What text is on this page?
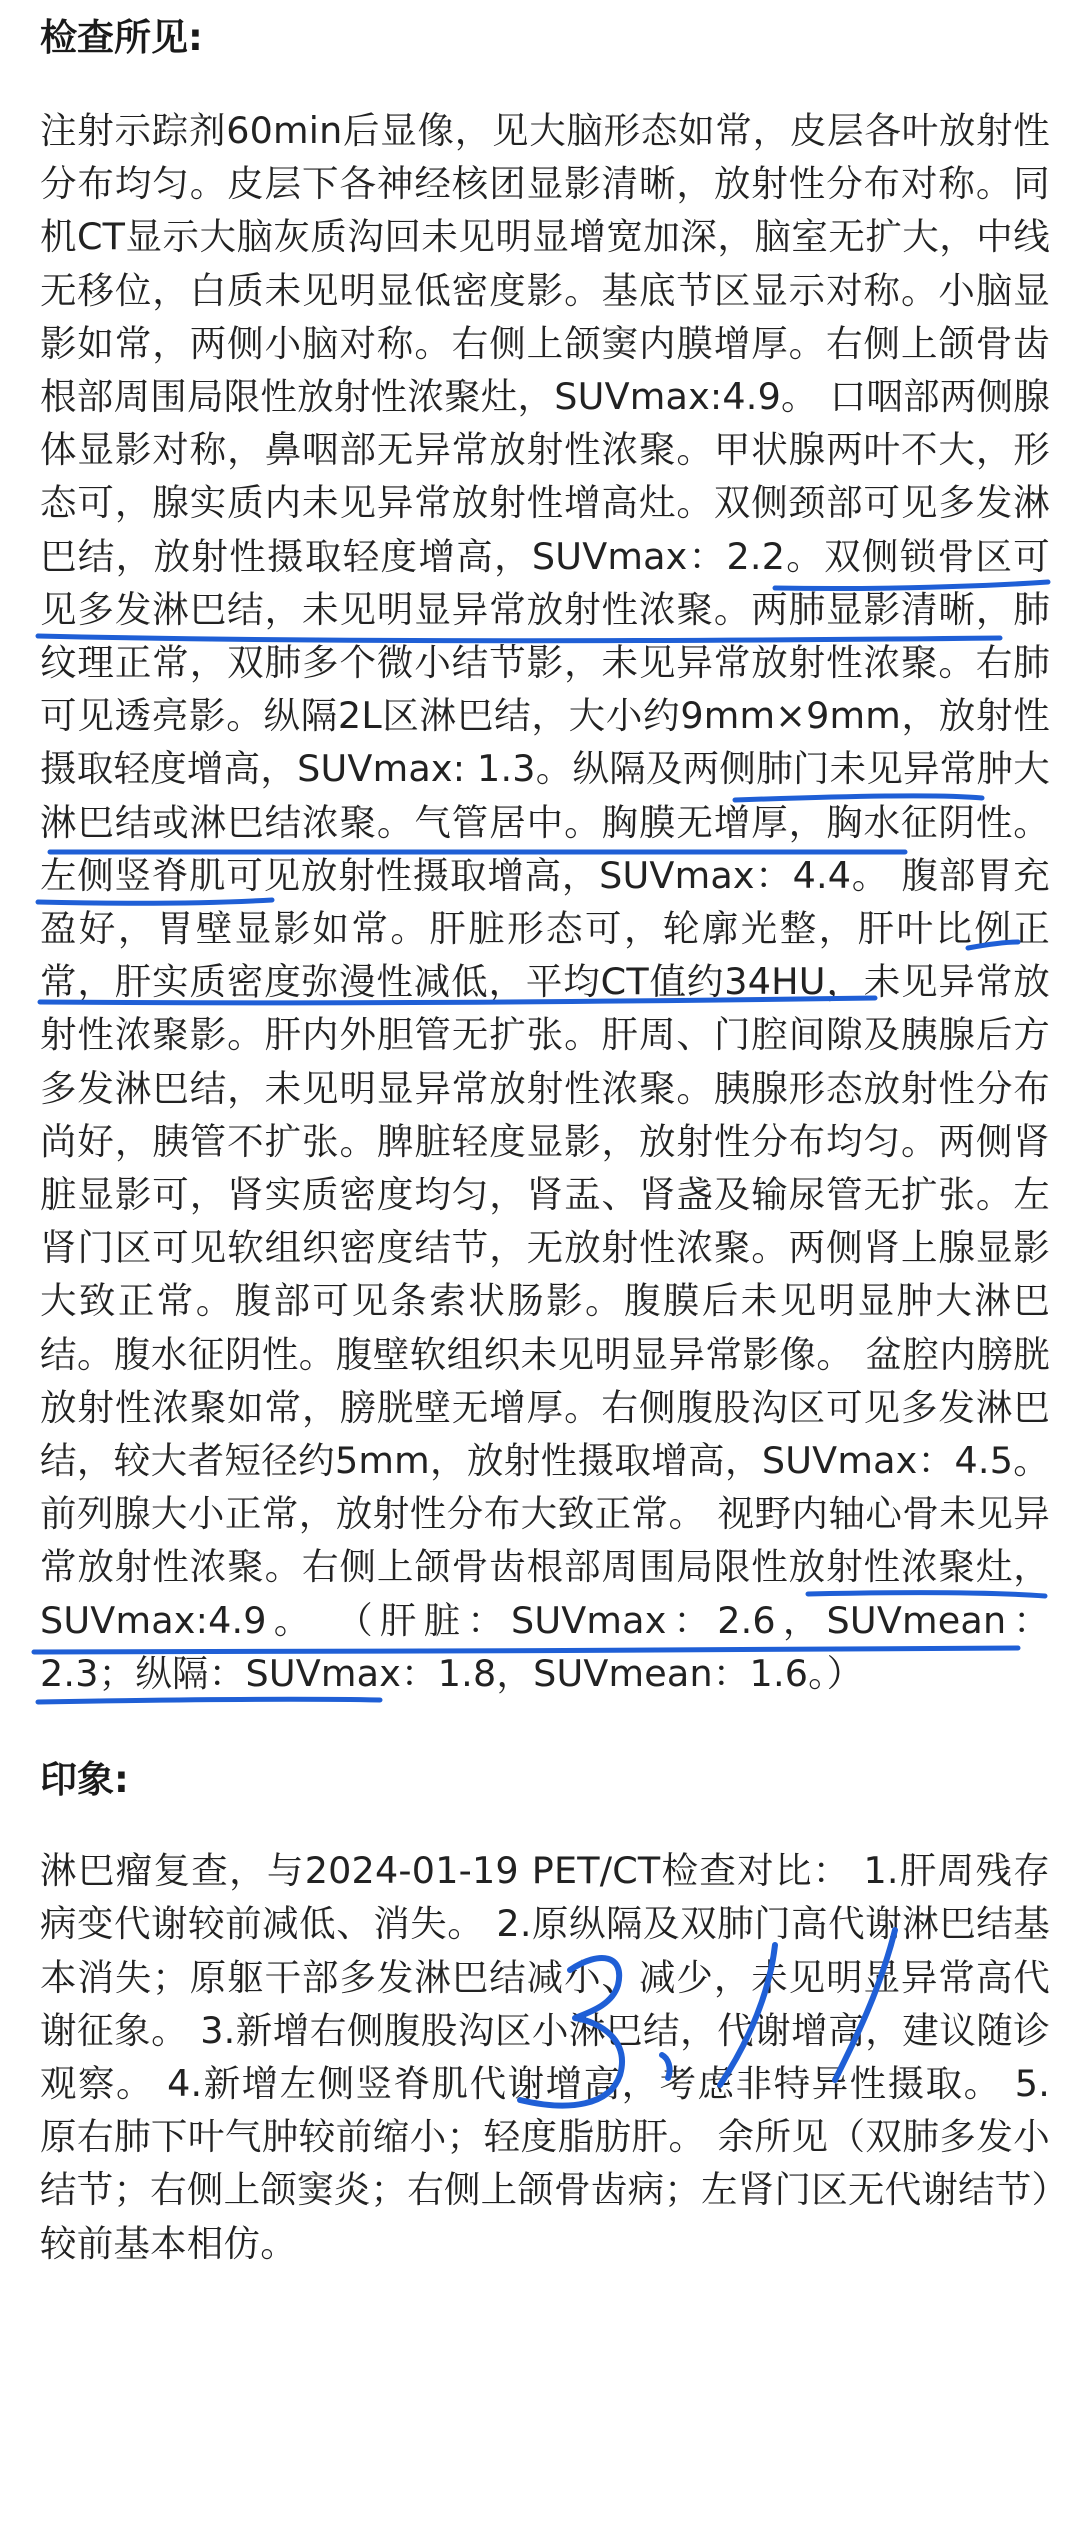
检查所见:

注射示踪剂60min后显像，见大脑形态如常，皮层各叶放射性分布均匀。皮层下各神经核团显影清晰，放射性分布对称。同机CT显示大脑灰质沟回未见明显增宽加深，脑室无扩大，中线无移位，白质未见明显低密度影。基底节区显示对称。小脑显影如常，两侧小脑对称。右侧上颌窦内膜增厚。右侧上颌骨齿根部周围局限性放射性浓聚灶，SUVmax:4.9。 口咽部两侧腺体显影对称，鼻咽部无异常放射性浓聚。甲状腺两叶不大，形态可，腺实质内未见异常放射性增高灶。双侧颈部可见多发淋巴结，放射性摄取轻度增高，SUVmax：2.2。双侧锁骨区可见多发淋巴结，未见明显异常放射性浓聚。两肺显影清晰，肺纹理正常，双肺多个微小结节影，未见异常放射性浓聚。右肺可见透亮影。纵隔2L区淋巴结，大小约9mm×9mm，放射性摄取轻度增高，SUVmax: 1.3。纵隔及两侧肺门未见异常肿大淋巴结或淋巴结浓聚。气管居中。胸膜无增厚，胸水征阴性。左侧竖脊肌可见放射性摄取增高，SUVmax：4.4。 腹部胃充盈好，胃壁显影如常。肝脏形态可，轮廓光整，肝叶比例正常，肝实质密度弥漫性减低，平均CT值约34HU，未见异常放射性浓聚影。肝内外胆管无扩张。肝周、门腔间隙及胰腺后方多发淋巴结，未见明显异常放射性浓聚。胰腺形态放射性分布尚好，胰管不扩张。脾脏轻度显影，放射性分布均匀。两侧肾脏显影可，肾实质密度均匀，肾盂、肾盏及输尿管无扩张。左肾门区可见软组织密度结节，无放射性浓聚。两侧肾上腺显影大致正常。腹部可见条索状肠影。腹膜后未见明显肿大淋巴结。腹水征阴性。腹壁软组织未见明显异常影像。 盆腔内膀胱放射性浓聚如常，膀胱壁无增厚。右侧腹股沟区可见多发淋巴结，较大者短径约5mm，放射性摄取增高，SUVmax：4.5。前列腺大小正常，放射性分布大致正常。 视野内轴心骨未见异常放射性浓聚。右侧上颌骨齿根部周围局限性放射性浓聚灶，SUVmax:4.9。 （肝脏：SUVmax：2.6，SUVmean：2.3；纵隔：SUVmax：1.8，SUVmean：1.6。）

印象:

淋巴瘤复查，与2024-01-19 PET/CT检查对比： 1.肝周残存病变代谢较前减低、消失。 2.原纵隔及双肺门高代谢淋巴结基本消失；原躯干部多发淋巴结减小、减少，未见明显异常高代谢征象。 3.新增右侧腹股沟区小淋巴结，代谢增高，建议随诊观察。 4.新增左侧竖脊肌代谢增高，考虑非特异性摄取。 5.原右肺下叶气肿较前缩小；轻度脂肪肝。 余所见（双肺多发小结节；右侧上颌窦炎；右侧上颌骨齿病；左肾门区无代谢结节）较前基本相仿。
